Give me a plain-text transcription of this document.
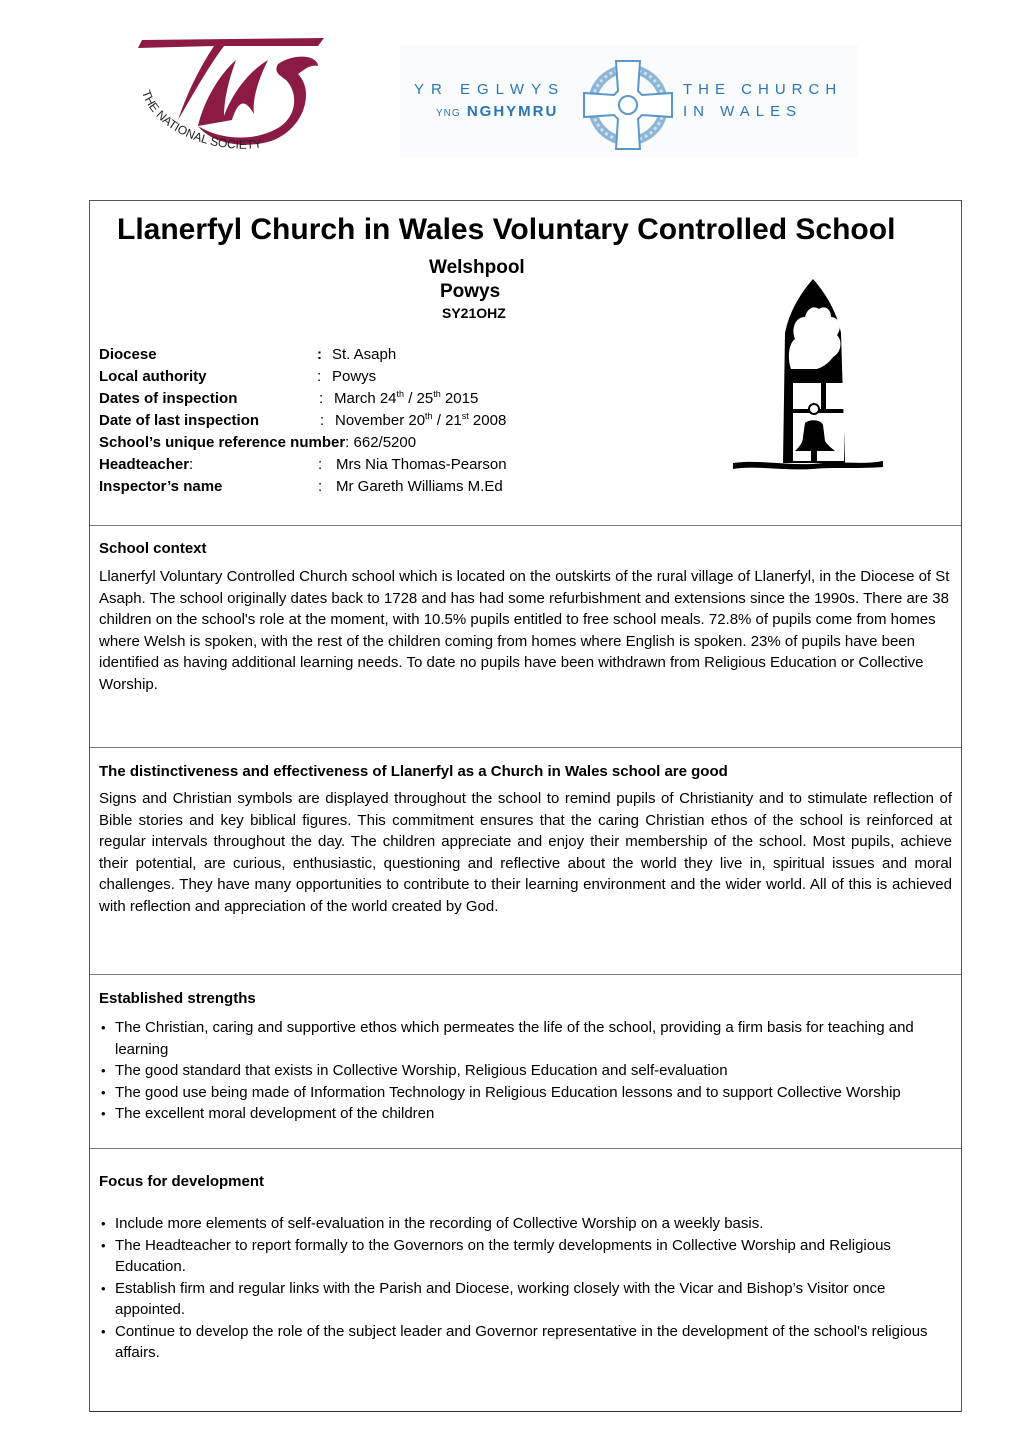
THE NATIONAL SOCIETY
YR EGLWYS
YNG NGHYMRU
THE CHURCH
IN WALES
Llanerfyl Church in Wales Voluntary Controlled School
Welshpool
Powys
SY21OHZ
Diocese	: St. Asaph
Local authority	: Powys
Dates of inspection	: March 24th / 25th 2015
Date of last inspection	: November 20th / 21st 2008
School’s unique reference number: 662/5200
Headteacher:	: Mrs Nia Thomas-Pearson
Inspector’s name	: Mr Gareth Williams M.Ed
School context

Llanerfyl Voluntary Controlled Church school which is located on the outskirts of the rural village of Llanerfyl, in the Diocese of St Asaph. The school originally dates back to 1728 and has had some refurbishment and extensions since the 1990s. There are 38 children on the school's role at the moment, with 10.5% pupils entitled to free school meals. 72.8% of pupils come from homes where Welsh is spoken, with the rest of the children coming from homes where English is spoken. 23% of pupils have been identified as having additional learning needs. To date no pupils have been withdrawn from Religious Education or Collective Worship.

The distinctiveness and effectiveness of Llanerfyl as a Church in Wales school are good

Signs and Christian symbols are displayed throughout the school to remind pupils of Christianity and to stimulate reflection of Bible stories and key biblical figures. This commitment ensures that the caring Christian ethos of the school is reinforced at regular intervals throughout the day. The children appreciate and enjoy their membership of the school. Most pupils, achieve their potential, are curious, enthusiastic, questioning and reflective about the world they live in, spiritual issues and moral challenges. They have many opportunities to contribute to their learning environment and the wider world. All of this is achieved with reflection and appreciation of the world created by God.

Established strengths
• The Christian, caring and supportive ethos which permeates the life of the school, providing a firm basis for teaching and learning
• The good standard that exists in Collective Worship, Religious Education and self-evaluation
• The good use being made of Information Technology in Religious Education lessons and to support Collective Worship
• The excellent moral development of the children
Focus for development
• Include more elements of self-evaluation in the recording of Collective Worship on a weekly basis.
• The Headteacher to report formally to the Governors on the termly developments in Collective Worship and Religious Education.
• Establish firm and regular links with the Parish and Diocese, working closely with the Vicar and Bishop’s Visitor once appointed.
• Continue to develop the role of the subject leader and Governor representative in the development of the school's religious affairs.
